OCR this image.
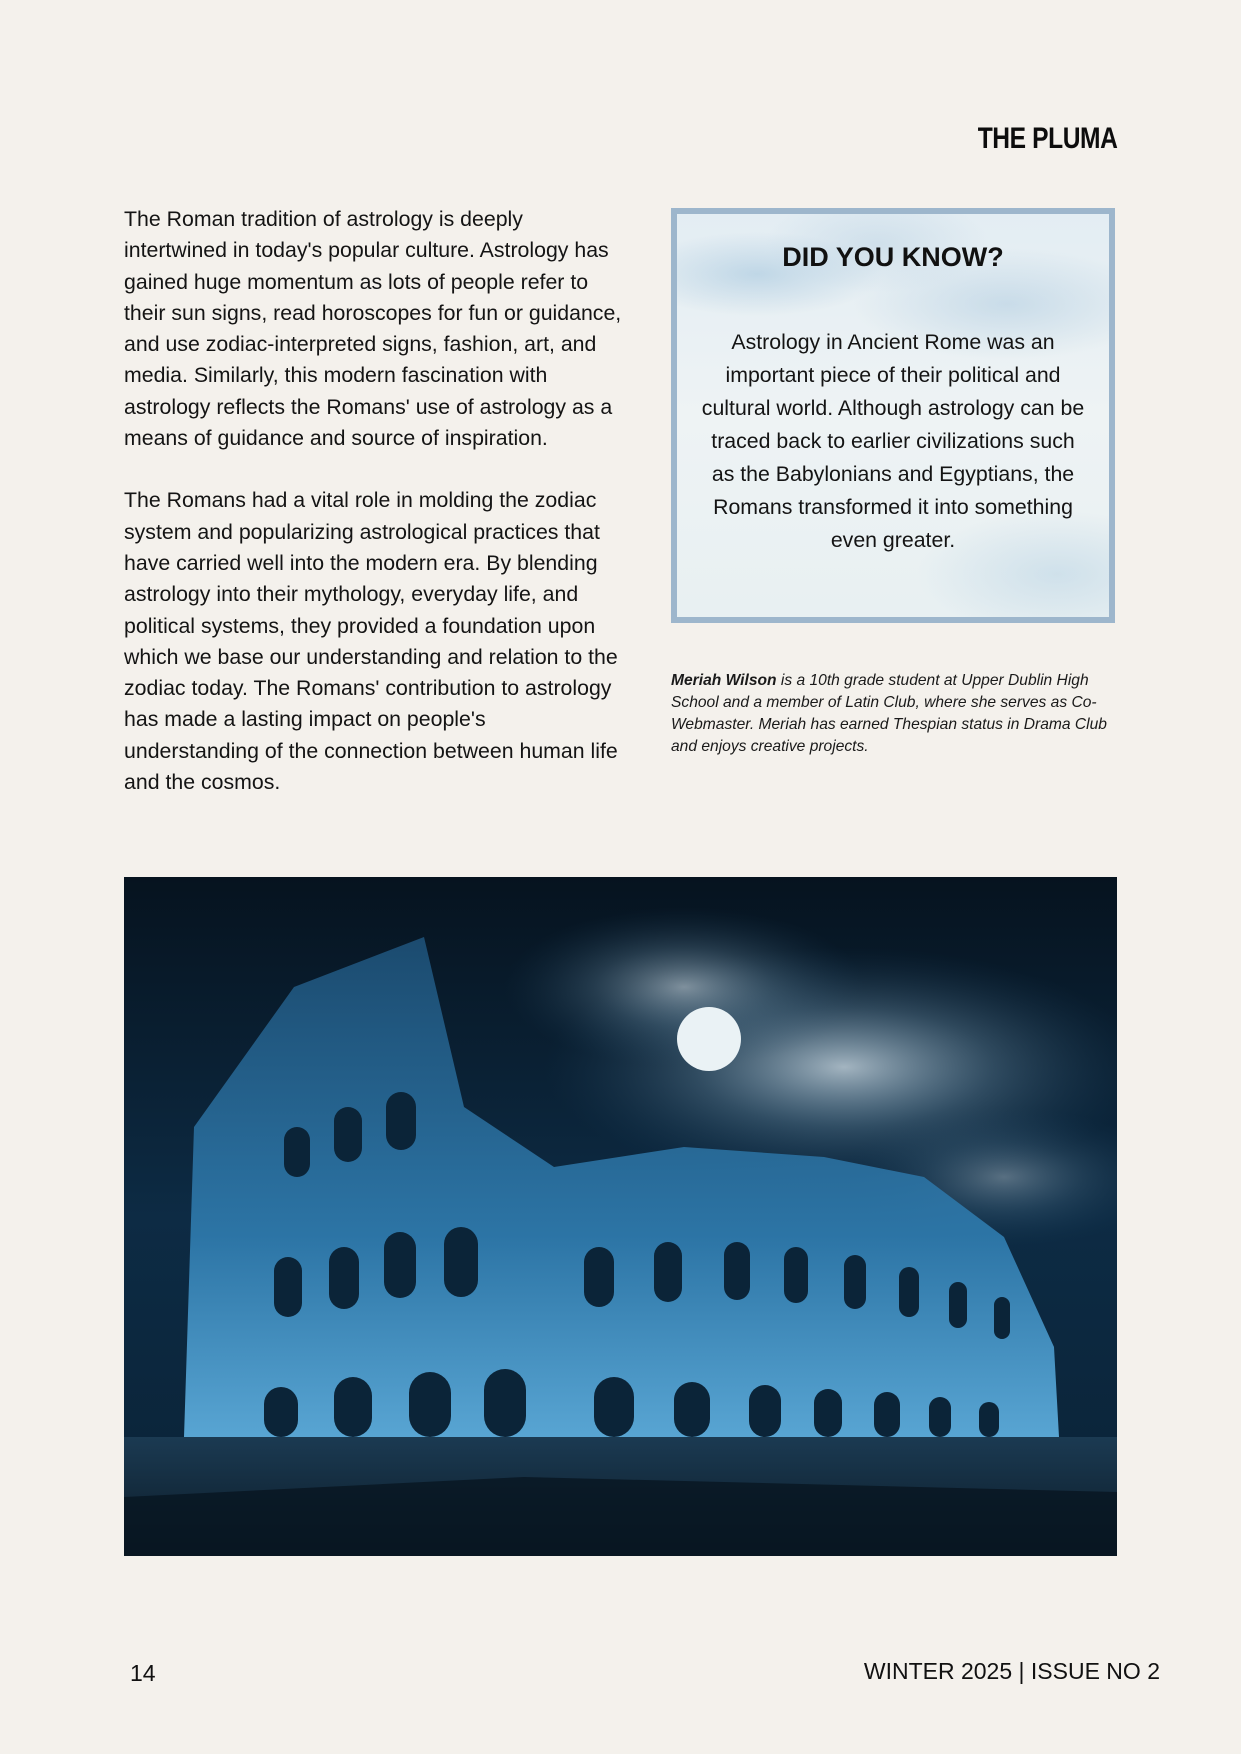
THE PLUMA

The Roman tradition of astrology is deeply intertwined in today's popular culture. Astrology has gained huge momentum as lots of people refer to their sun signs, read horoscopes for fun or guidance, and use zodiac-interpreted signs, fashion, art, and media. Similarly, this modern fascination with astrology reflects the Romans' use of astrology as a means of guidance and source of inspiration.

The Romans had a vital role in molding the zodiac system and popularizing astrological practices that have carried well into the modern era. By blending astrology into their mythology, everyday life, and political systems, they provided a foundation upon which we base our understanding and relation to the zodiac today. The Romans' contribution to astrology has made a lasting impact on people's understanding of the connection between human life and the cosmos.

DID YOU KNOW?
Astrology in Ancient Rome was an important piece of their political and cultural world. Although astrology can be traced back to earlier civilizations such as the Babylonians and Egyptians, the Romans transformed it into something even greater.
Meriah Wilson is a 10th grade student at Upper Dublin High School and a member of Latin Club, where she serves as Co-Webmaster. Meriah has earned Thespian status in Drama Club and enjoys creative projects.
14	WINTER 2025 | ISSUE NO 2
